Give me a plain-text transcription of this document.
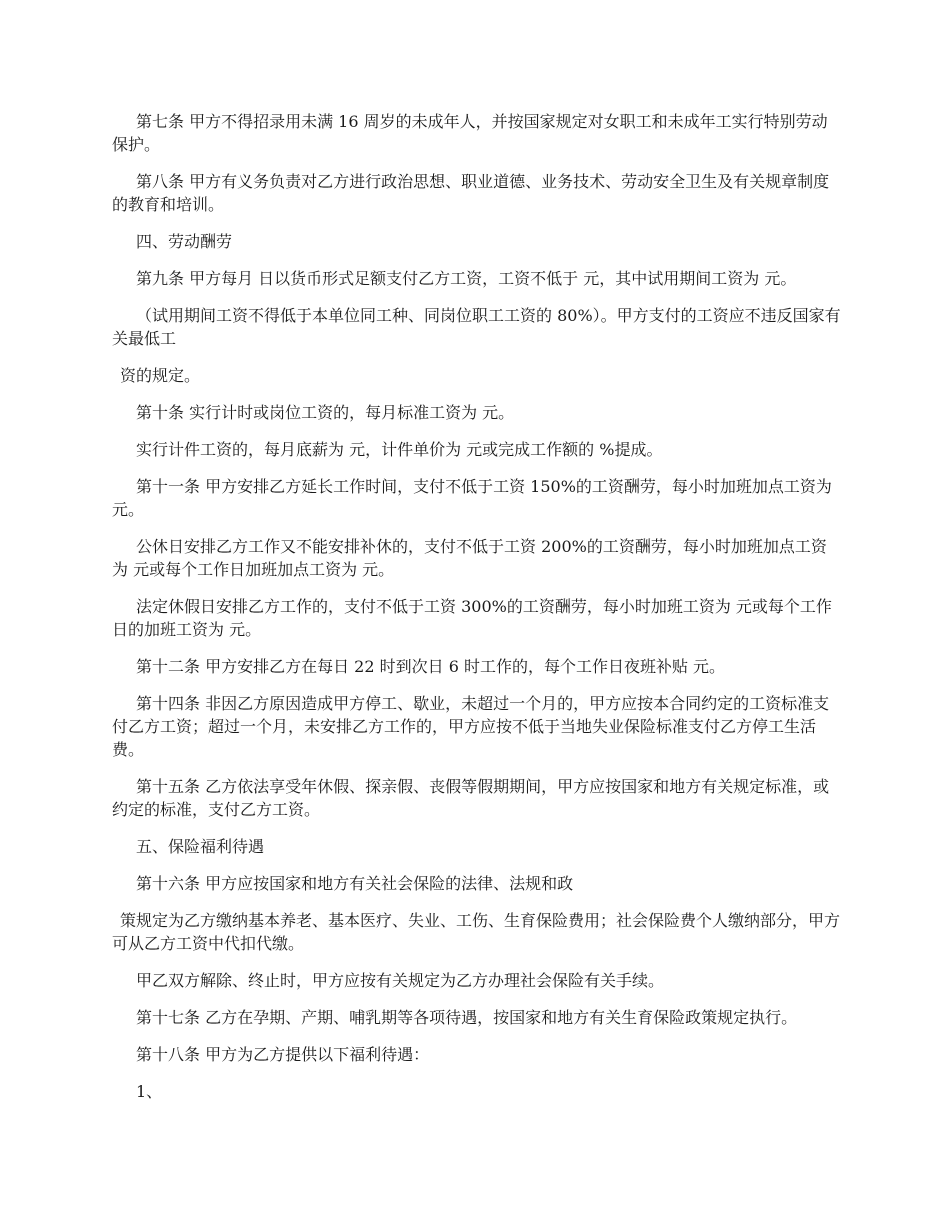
第七条 甲方不得招录用未满 16 周岁的未成年人，并按国家规定对女职工和未成年工实行特别劳动保护。

第八条 甲方有义务负责对乙方进行政治思想、职业道德、业务技术、劳动安全卫生及有关规章制度的教育和培训。

四、劳动酬劳

第九条 甲方每月 日以货币形式足额支付乙方工资，工资不低于 元，其中试用期间工资为 元。

（试用期间工资不得低于本单位同工种、同岗位职工工资的 80%）。甲方支付的工资应不违反国家有关最低工

资的规定。

第十条 实行计时或岗位工资的，每月标准工资为 元。

实行计件工资的，每月底薪为 元，计件单价为 元或完成工作额的 %提成。

第十一条 甲方安排乙方延长工作时间，支付不低于工资 150%的工资酬劳，每小时加班加点工资为 元。

公休日安排乙方工作又不能安排补休的，支付不低于工资 200%的工资酬劳，每小时加班加点工资为 元或每个工作日加班加点工资为 元。

法定休假日安排乙方工作的，支付不低于工资 300%的工资酬劳，每小时加班工资为 元或每个工作日的加班工资为 元。

第十二条 甲方安排乙方在每日 22 时到次日 6 时工作的，每个工作日夜班补贴 元。

第十四条 非因乙方原因造成甲方停工、歇业，未超过一个月的，甲方应按本合同约定的工资标准支付乙方工资；超过一个月，未安排乙方工作的，甲方应按不低于当地失业保险标准支付乙方停工生活费。

第十五条 乙方依法享受年休假、探亲假、丧假等假期期间，甲方应按国家和地方有关规定标准，或约定的标准，支付乙方工资。

五、保险福利待遇

第十六条 甲方应按国家和地方有关社会保险的法律、法规和政

策规定为乙方缴纳基本养老、基本医疗、失业、工伤、生育保险费用；社会保险费个人缴纳部分，甲方可从乙方工资中代扣代缴。

甲乙双方解除、终止时，甲方应按有关规定为乙方办理社会保险有关手续。

第十七条 乙方在孕期、产期、哺乳期等各项待遇，按国家和地方有关生育保险政策规定执行。

第十八条 甲方为乙方提供以下福利待遇：

1、
